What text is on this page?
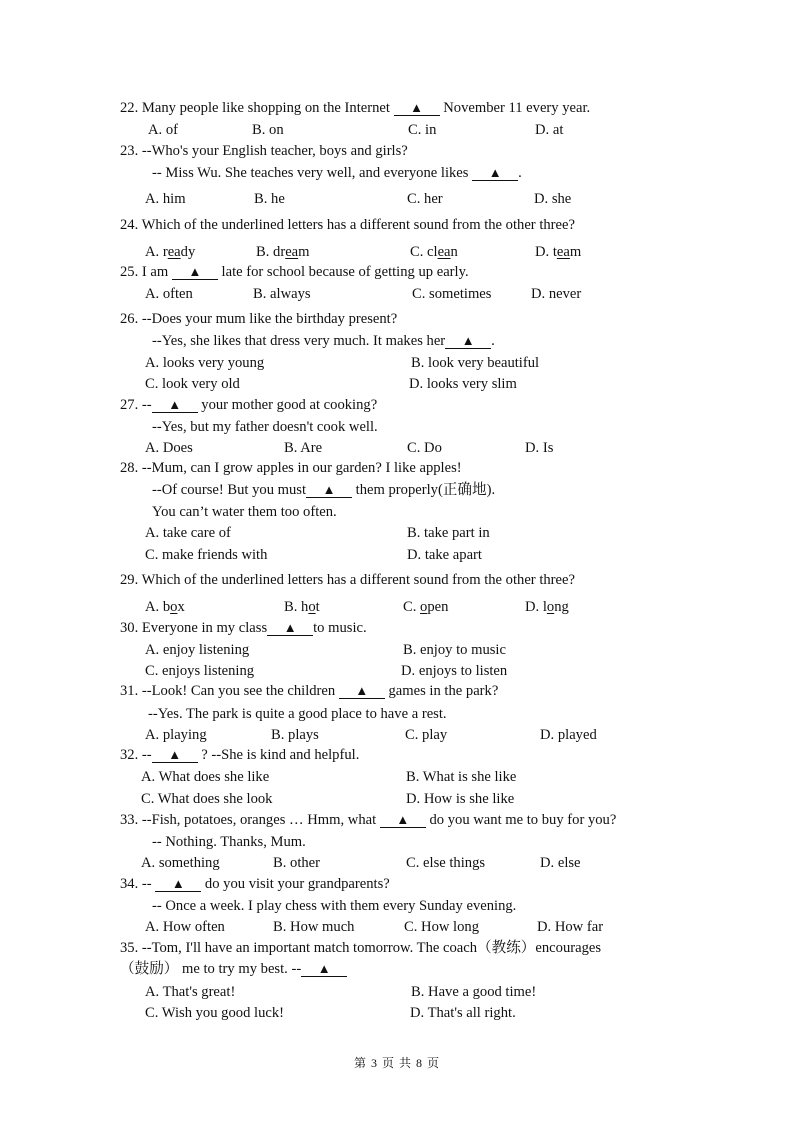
22. Many people like shopping on the Internet ▲ November 11 every year.
A. of	B. on	C. in	D. at
23. --Who's your English teacher, boys and girls?
-- Miss Wu. She teaches very well, and everyone likes ▲ .
A. him	B. he	C. her	D. she
24. Which of the underlined letters has a different sound from the other three?
A. ready	B. dream	C. clean	D. team
25. I am ▲ late for school because of getting up early.
A. often	B. always	C. sometimes	D. never
26. --Does your mum like the birthday present?
--Yes, she likes that dress very much. It makes her ▲ .
A. looks very young	B. look very beautiful
C. look very old	D. looks very slim
27. -- ▲ your mother good at cooking?
--Yes, but my father doesn't cook well.
A. Does	B. Are	C. Do	D. Is
28. --Mum, can I grow apples in our garden? I like apples!
--Of course! But you must ▲ them properly(正确地).
You can’t water them too often.
A. take care of	B. take part in
C. make friends with	D. take apart
29. Which of the underlined letters has a different sound from the other three?
A. box	B. hot	C. open	D. long
30. Everyone in my class ▲ to music.
A. enjoy listening	B. enjoy to music
C. enjoys listening	D. enjoys to listen
31. --Look! Can you see the children ▲ games in the park?
--Yes. The park is quite a good place to have a rest.
A. playing	B. plays	C. play	D. played
32. -- ▲ ? --She is kind and helpful.
A. What does she like	B. What is she like
C. What does she look	D. How is she like
33. --Fish, potatoes, oranges … Hmm, what ▲ do you want me to buy for you?
-- Nothing. Thanks, Mum.
A. something	B. other	C. else things	D. else
34. -- ▲ do you visit your grandparents?
-- Once a week. I play chess with them every Sunday evening.
A. How often	B. How much	C. How long	D. How far
35. --Tom, I'll have an important match tomorrow. The coach（教练）encourages
（鼓励） me to try my best. -- ▲
A. That's great!	B. Have a good time!
C. Wish you good luck!	D. That's all right.
第 3 页 共 8 页
